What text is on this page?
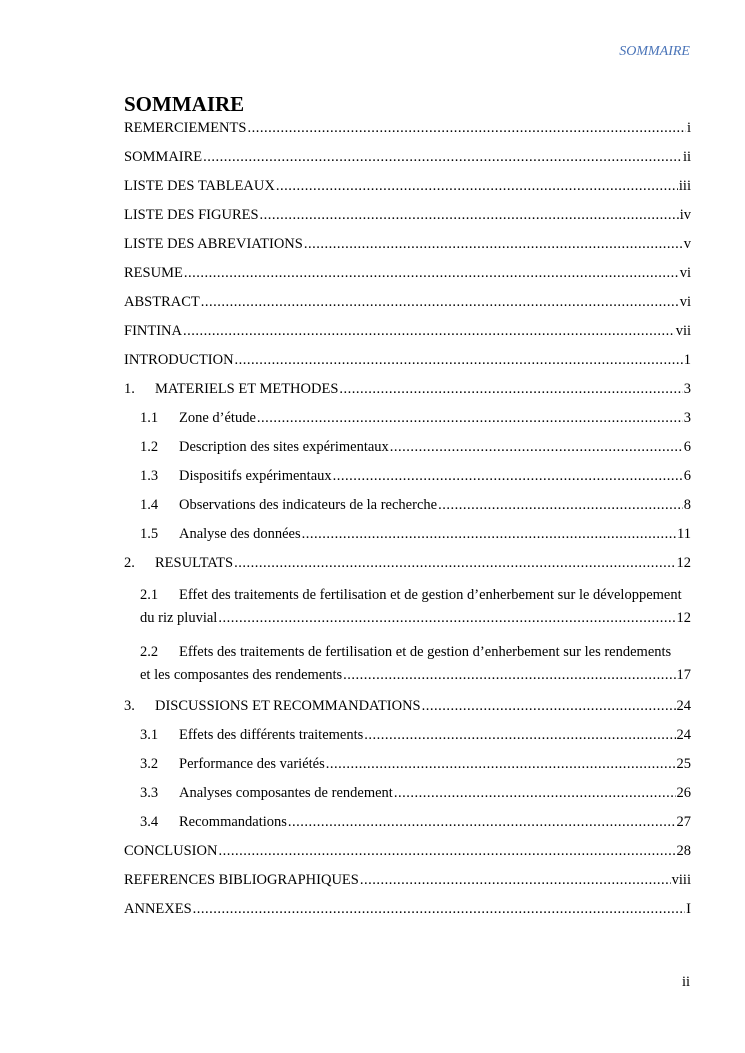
SOMMAIRE
SOMMAIRE
REMERCIEMENTS .....	i
SOMMAIRE .....	ii
LISTE DES TABLEAUX .....	iii
LISTE DES FIGURES .....	iv
LISTE DES ABREVIATIONS .....	v
RESUME .....	vi
ABSTRACT .....	vi
FINTINA .....	vii
INTRODUCTION .....	1
1.	MATERIELS ET METHODES .....	3
1.1	Zone d’étude .....	3
1.2	Description des sites expérimentaux .....	6
1.3	Dispositifs expérimentaux .....	6
1.4	Observations des indicateurs de la recherche .....	8
1.5	Analyse des données .....	11
2.	RESULTATS .....	12
2.1 Effet des traitements de fertilisation et de gestion d’enherbement sur le développement
du riz pluvial .....	12
2.2 Effets des traitements de fertilisation et de gestion d’enherbement sur les rendements
et les composantes des rendements .....	17
3.	DISCUSSIONS ET RECOMMANDATIONS .....	24
3.1	Effets des différents traitements .....	24
3.2	Performance des variétés .....	25
3.3	Analyses composantes de rendement .....	26
3.4	Recommandations .....	27
CONCLUSION .....	28
REFERENCES BIBLIOGRAPHIQUES .....	viii
ANNEXES .....	I
ii
